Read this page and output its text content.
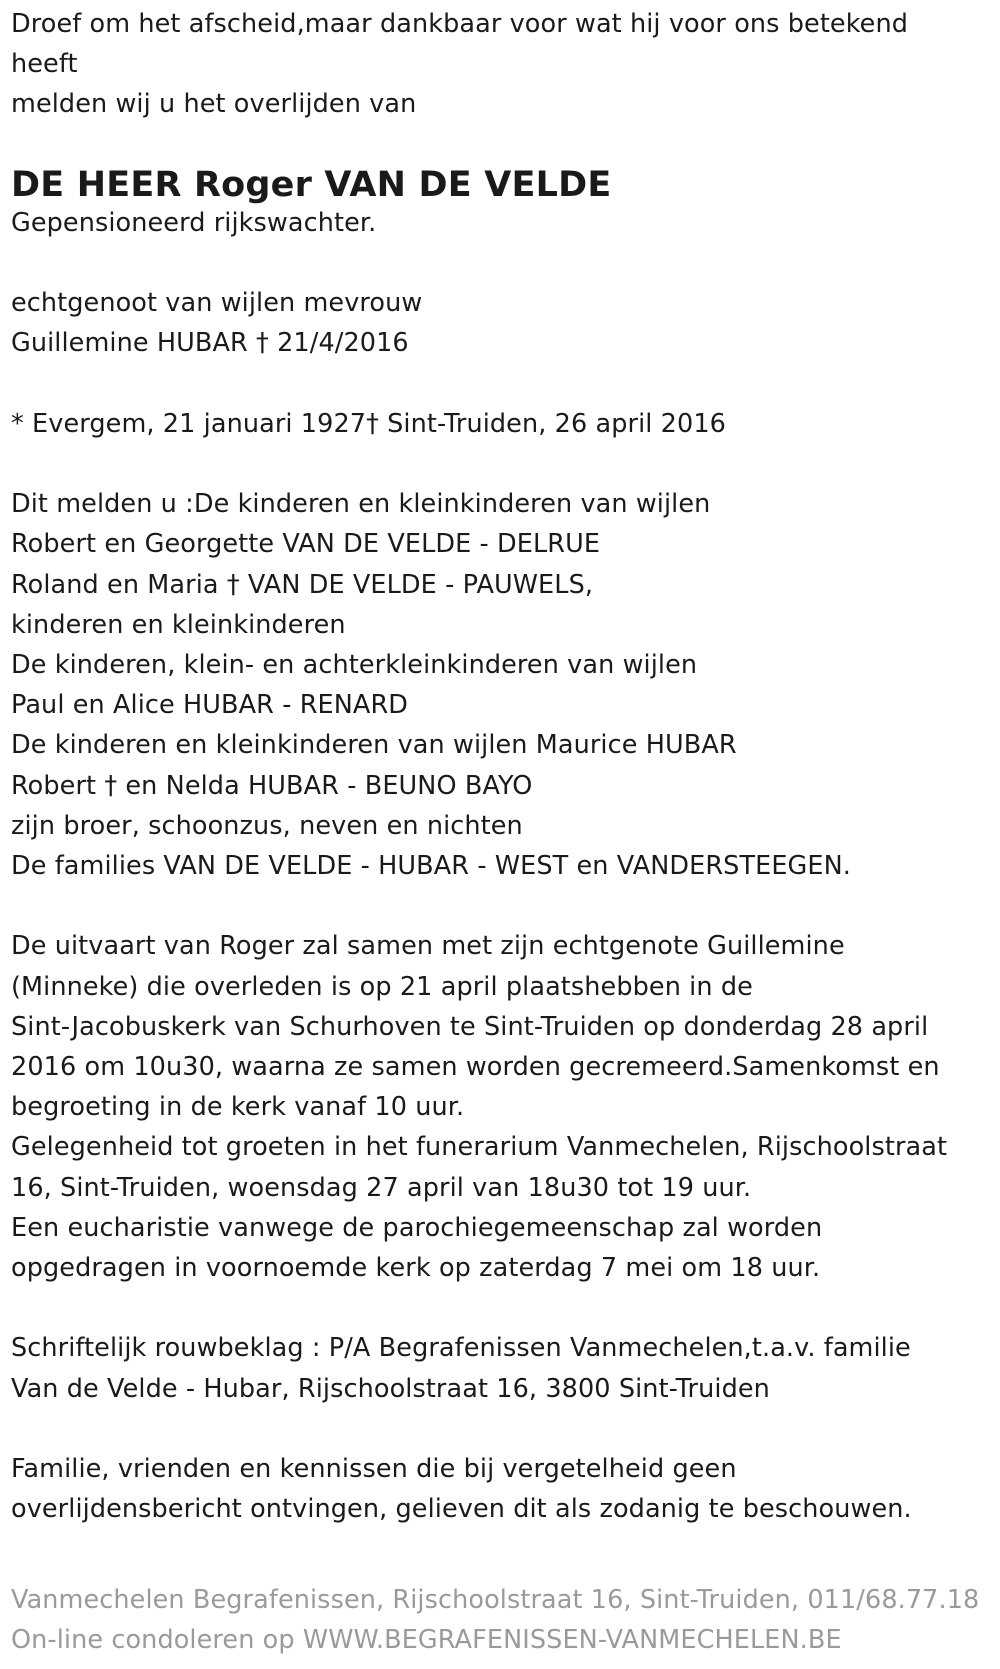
Droef om het afscheid,maar dankbaar voor wat hij voor ons betekend
heeft
melden wij u het overlijden van
DE HEER Roger VAN DE VELDE
Gepensioneerd rijkswachter.
echtgenoot van wijlen mevrouw
Guillemine HUBAR † 21/4/2016
* Evergem, 21 januari 1927† Sint-Truiden, 26 april 2016
Dit melden u :De kinderen en kleinkinderen van wijlen
Robert en Georgette VAN DE VELDE - DELRUE
Roland en Maria † VAN DE VELDE - PAUWELS,
kinderen en kleinkinderen
De kinderen, klein- en achterkleinkinderen van wijlen
Paul en Alice HUBAR - RENARD
De kinderen en kleinkinderen van wijlen Maurice HUBAR
Robert † en Nelda HUBAR - BEUNO BAYO
zijn broer, schoonzus, neven en nichten
De families VAN DE VELDE - HUBAR - WEST en VANDERSTEEGEN.
De uitvaart van Roger zal samen met zijn echtgenote Guillemine
(Minneke) die overleden is op 21 april plaatshebben in de
Sint-Jacobuskerk van Schurhoven te Sint-Truiden op donderdag 28 april
2016 om 10u30, waarna ze samen worden gecremeerd.Samenkomst en
begroeting in de kerk vanaf 10 uur.
Gelegenheid tot groeten in het funerarium Vanmechelen, Rijschoolstraat
16, Sint-Truiden, woensdag 27 april van 18u30 tot 19 uur.
Een eucharistie vanwege de parochiegemeenschap zal worden
opgedragen in voornoemde kerk op zaterdag 7 mei om 18 uur.
Schriftelijk rouwbeklag : P/A Begrafenissen Vanmechelen,t.a.v. familie
Van de Velde - Hubar, Rijschoolstraat 16, 3800 Sint-Truiden
Familie, vrienden en kennissen die bij vergetelheid geen
overlijdensbericht ontvingen, gelieven dit als zodanig te beschouwen.
Vanmechelen Begrafenissen, Rijschoolstraat 16, Sint-Truiden, 011/68.77.18
On-line condoleren op WWW.BEGRAFENISSEN-VANMECHELEN.BE
